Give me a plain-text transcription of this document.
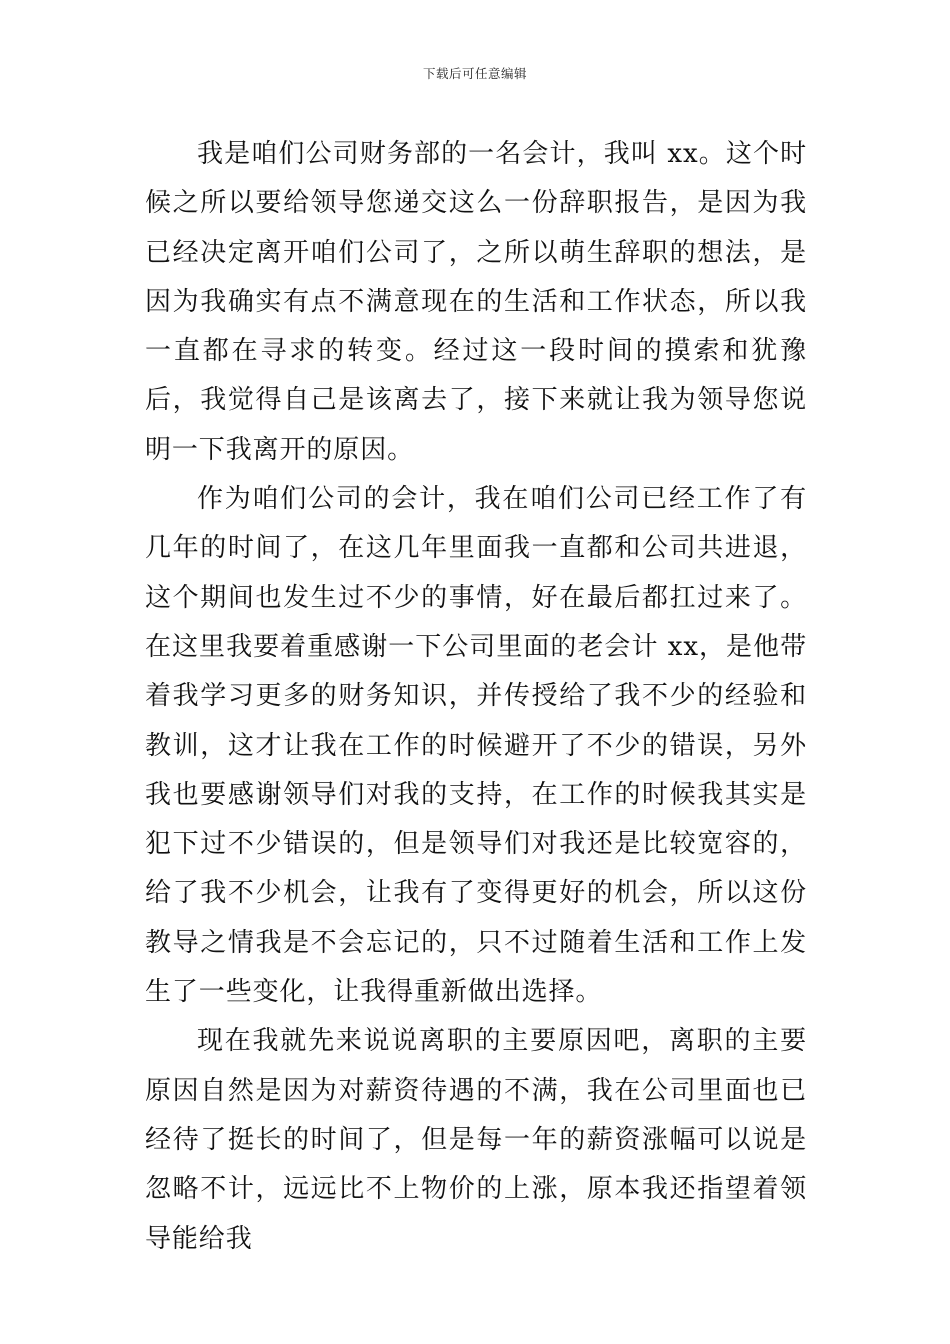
下载后可任意编辑

我是咱们公司财务部的一名会计，我叫 xx。这个时候之所以要给领导您递交这么一份辞职报告，是因为我已经决定离开咱们公司了，之所以萌生辞职的想法，是因为我确实有点不满意现在的生活和工作状态，所以我一直都在寻求的转变。经过这一段时间的摸索和犹豫后，我觉得自己是该离去了，接下来就让我为领导您说明一下我离开的原因。

作为咱们公司的会计，我在咱们公司已经工作了有几年的时间了，在这几年里面我一直都和公司共进退，这个期间也发生过不少的事情，好在最后都扛过来了。在这里我要着重感谢一下公司里面的老会计 xx，是他带着我学习更多的财务知识，并传授给了我不少的经验和教训，这才让我在工作的时候避开了不少的错误，另外我也要感谢领导们对我的支持，在工作的时候我其实是犯下过不少错误的，但是领导们对我还是比较宽容的，给了我不少机会，让我有了变得更好的机会，所以这份教导之情我是不会忘记的，只不过随着生活和工作上发生了一些变化，让我得重新做出选择。

现在我就先来说说离职的主要原因吧，离职的主要原因自然是因为对薪资待遇的不满，我在公司里面也已经待了挺长的时间了，但是每一年的薪资涨幅可以说是忽略不计，远远比不上物价的上涨，原本我还指望着领导能给我
